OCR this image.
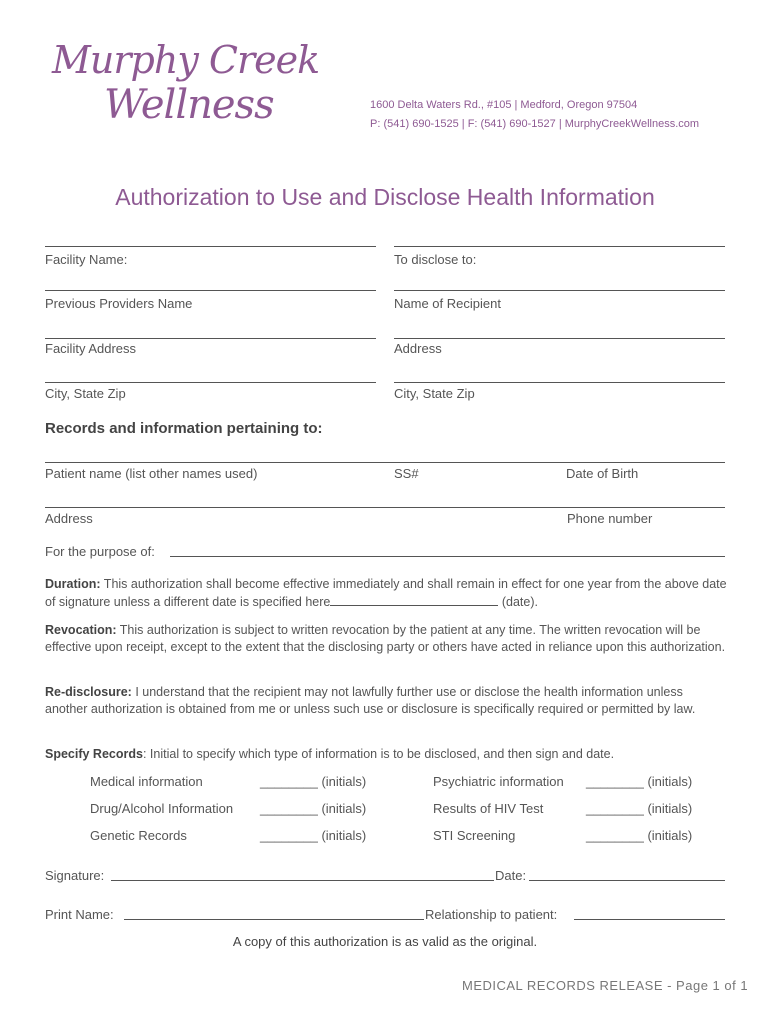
Murphy Creek
Wellness	1600 Delta Waters Rd., #105 | Medford, Oregon 97504
P: (541) 690-1525 | F: (541) 690-1527 | MurphyCreekWellness.com
Authorization to Use and Disclose Health Information
Facility Name:	To disclose to:
Previous Providers Name	Name of Recipient
Facility Address	Address
City, State Zip	City, State Zip
Records and information pertaining to:
Patient name (list other names used)	SS#	Date of Birth
Address	Phone number
For the purpose of:
Duration: This authorization shall become effective immediately and shall remain in effect for one year from the above date of signature unless a different date is specified here	(date).
Revocation: This authorization is subject to written revocation by the patient at any time. The written revocation will be effective upon receipt, except to the extent that the disclosing party or others have acted in reliance upon this authorization.
Re-disclosure: I understand that the recipient may not lawfully further use or disclose the health information unless another authorization is obtained from me or unless such use or disclosure is specifically required or permitted by law.
Specify Records: Initial to specify which type of information is to be disclosed, and then sign and date.
Medical information	________ (initials)	Psychiatric information ________ (initials)
Drug/Alcohol Information ________ (initials)	Results of HIV Test	________ (initials)
Genetic Records	________ (initials)	STI Screening	________ (initials)
Signature:	Date:
Print Name:	Relationship to patient:
A copy of this authorization is as valid as the original.
MEDICAL RECORDS RELEASE - Page 1 of 1
